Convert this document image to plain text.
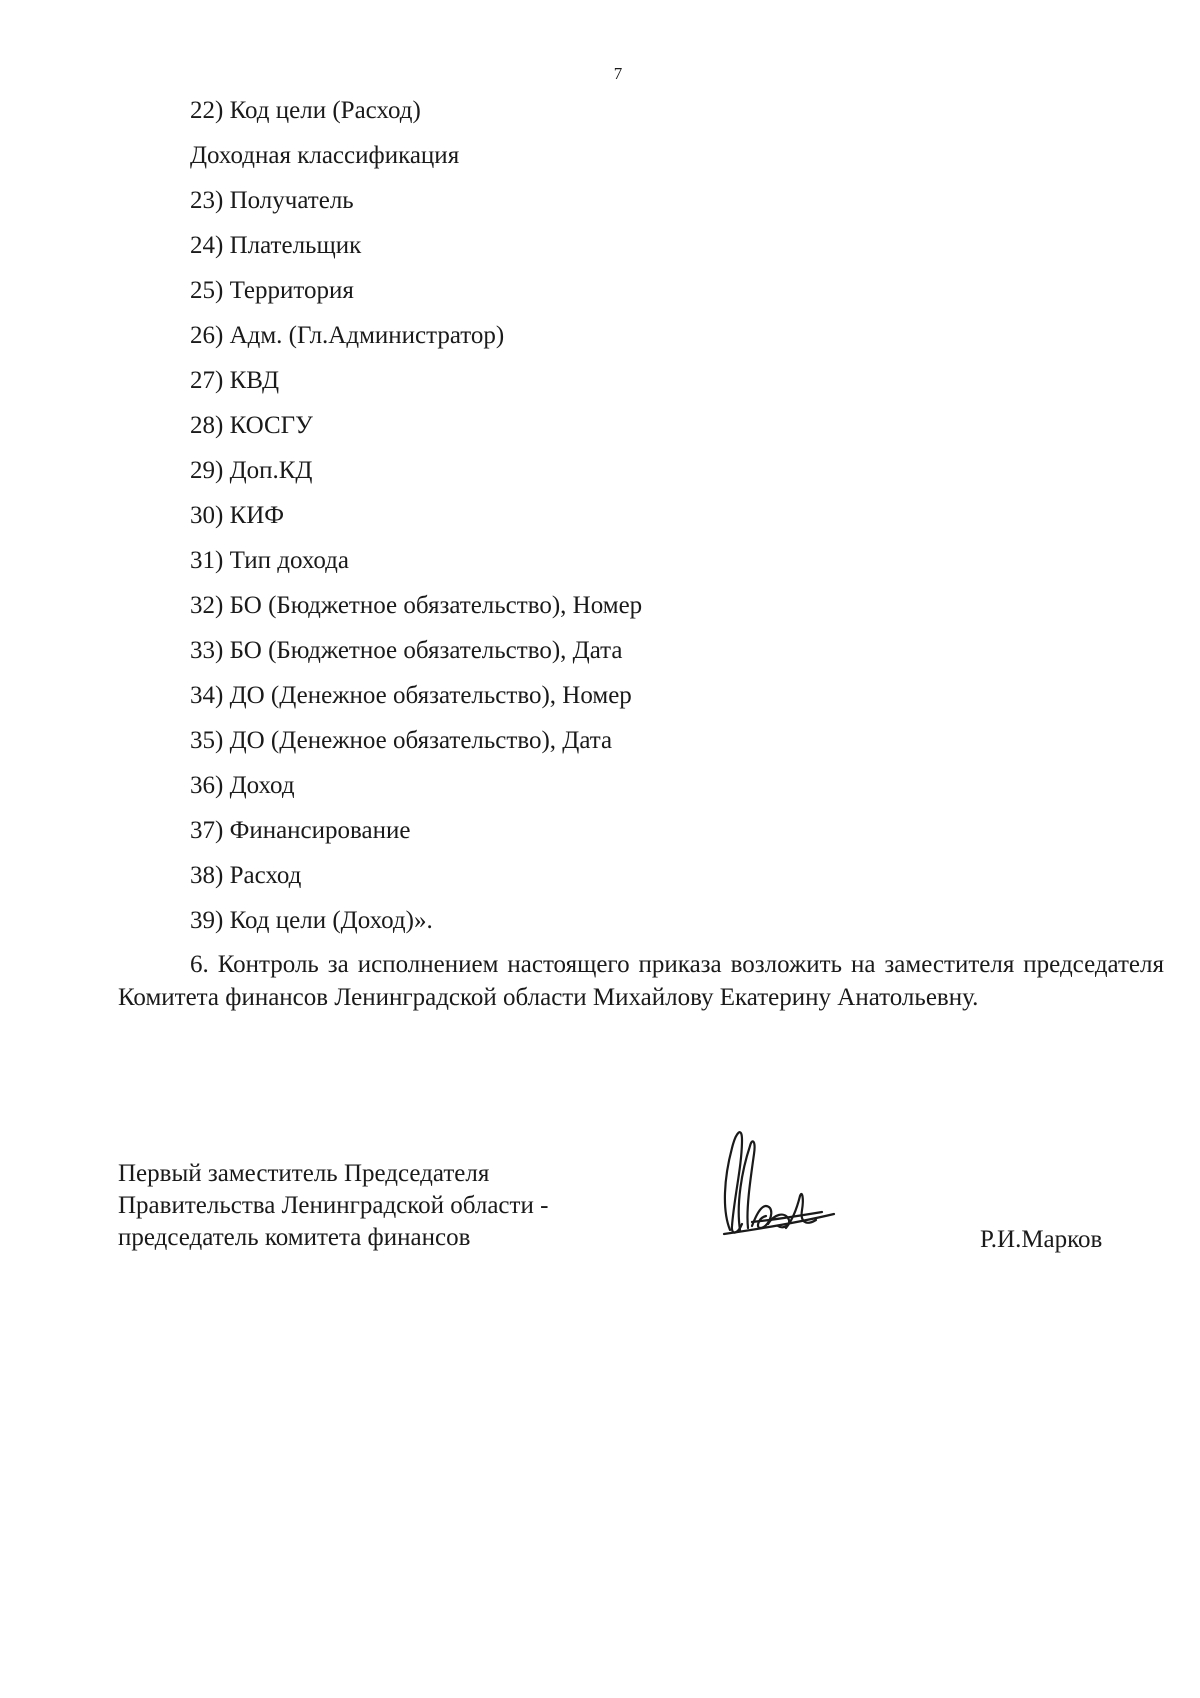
7
22) Код цели (Расход)
Доходная классификация
23) Получатель
24) Плательщик
25) Территория
26) Адм. (Гл.Администратор)
27) КВД
28) КОСГУ
29) Доп.КД
30) КИФ
31) Тип дохода
32) БО (Бюджетное обязательство), Номер
33) БО (Бюджетное обязательство), Дата
34) ДО (Денежное обязательство), Номер
35) ДО (Денежное обязательство), Дата
36) Доход
37) Финансирование
38) Расход
39) Код цели (Доход)».

6. Контроль за исполнением настоящего приказа возложить на заместителя председателя Комитета финансов Ленинградской области Михайлову Екатерину Анатольевну.

Первый заместитель Председателя
Правительства Ленинградской области -
председатель комитета финансов	Р.И.Марков
